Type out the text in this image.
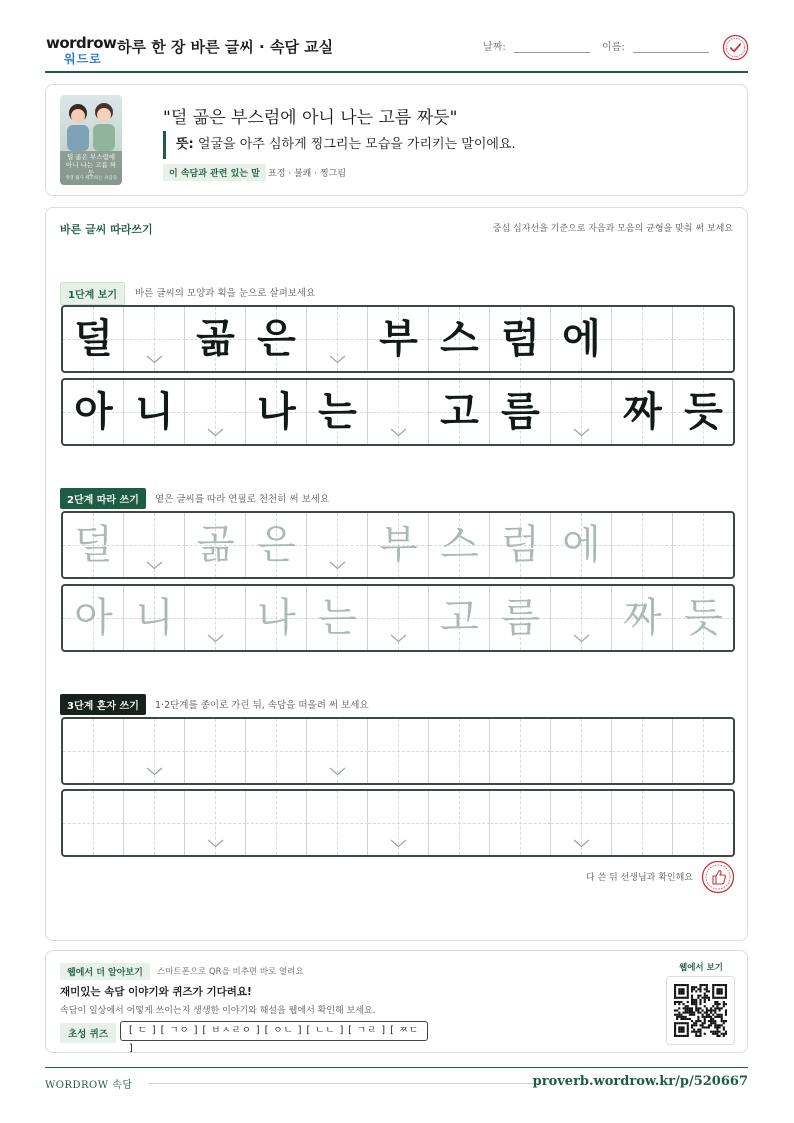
wordrow
워드로
하루 한 장 바른 글씨 · 속담 교실	날짜:	이름:
덜 곪은 부스럼에 아니 나는 고름 짜듯
생생 웹사 체조하는 속담을
"덜 곪은 부스럼에 아니 나는 고름 짜듯"
뜻: 얼굴을 아주 심하게 찡그리는 모습을 가리키는 말이에요.
이 속담과 관련 있는 말 표정 · 불쾌 · 찡그림
바른 글씨 따라쓰기	중심 십자선을 기준으로 자음과 모음의 균형을 맞춰 써 보세요
1단계 보기	바른 글씨의 모양과 획을 눈으로 살펴보세요
덜 곪 은 부 스 럼 에
아 니 나 는 고 름 짜 듯
2단계 따라 쓰기	옅은 글씨를 따라 연필로 천천히 써 보세요
덜 곪 은 부 스 럼 에
아 니 나 는 고 름 짜 듯
3단계 혼자 쓰기	1·2단계를 종이로 가린 뒤, 속담을 떠올려 써 보세요
다 쓴 뒤 선생님과 확인해요
웹에서 더 알아보기	스마트폰으로 QR을 비추면 바로 열려요
재미있는 속담 이야기와 퀴즈가 기다려요!
속담이 일상에서 어떻게 쓰이는지 생생한 이야기와 해설을 웹에서 확인해 보세요.
초성 퀴즈	[ ㄷ ] [ ㄱㅇ ] [ ㅂㅅㄹㅇ ] [ ㅇㄴ ] [ ㄴㄴ ] [ ㄱㄹ ] [ ㅉㄷ ]
웹에서 보기
WORDROW 속담	proverb.wordrow.kr/p/520667
